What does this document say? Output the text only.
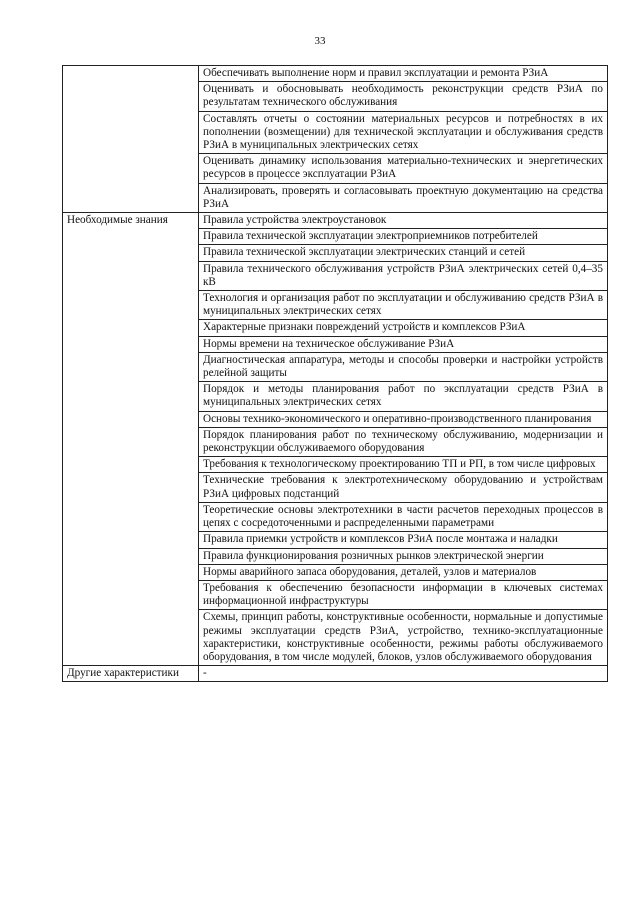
33
	Обеспечивать выполнение норм и правил эксплуатации и ремонта РЗиА
	Оценивать и обосновывать необходимость реконструкции средств РЗиА по результатам технического обслуживания
	Составлять отчеты о состоянии материальных ресурсов и потребностях в их пополнении (возмещении) для технической эксплуатации и обслуживания средств РЗиА в муниципальных электрических сетях
	Оценивать динамику использования материально-технических и энергетических ресурсов в процессе эксплуатации РЗиА
	Анализировать, проверять и согласовывать проектную документацию на средства РЗиА
Необходимые знания	Правила устройства электроустановок
	Правила технической эксплуатации электроприемников потребителей
	Правила технической эксплуатации электрических станций и сетей
	Правила технического обслуживания устройств РЗиА электрических сетей 0,4–35 кВ
	Технология и организация работ по эксплуатации и обслуживанию средств РЗиА в муниципальных электрических сетях
	Характерные признаки повреждений устройств и комплексов РЗиА
	Нормы времени на техническое обслуживание РЗиА
	Диагностическая аппаратура, методы и способы проверки и настройки устройств релейной защиты
	Порядок и методы планирования работ по эксплуатации средств РЗиА в муниципальных электрических сетях
	Основы технико-экономического и оперативно-производственного планирования
	Порядок планирования работ по техническому обслуживанию, модернизации и реконструкции обслуживаемого оборудования
	Требования к технологическому проектированию ТП и РП, в том числе цифровых
	Технические требования к электротехническому оборудованию и устройствам РЗиА цифровых подстанций
	Теоретические основы электротехники в части расчетов переходных процессов в цепях с сосредоточенными и распределенными параметрами
	Правила приемки устройств и комплексов РЗиА после монтажа и наладки
	Правила функционирования розничных рынков электрической энергии
	Нормы аварийного запаса оборудования, деталей, узлов и материалов
	Требования к обеспечению безопасности информации в ключевых системах информационной инфраструктуры
	Схемы, принцип работы, конструктивные особенности, нормальные и допустимые режимы эксплуатации средств РЗиА, устройство, технико-эксплуатационные характеристики, конструктивные особенности, режимы работы обслуживаемого оборудования, в том числе модулей, блоков, узлов обслуживаемого оборудования
Другие характеристики	-
